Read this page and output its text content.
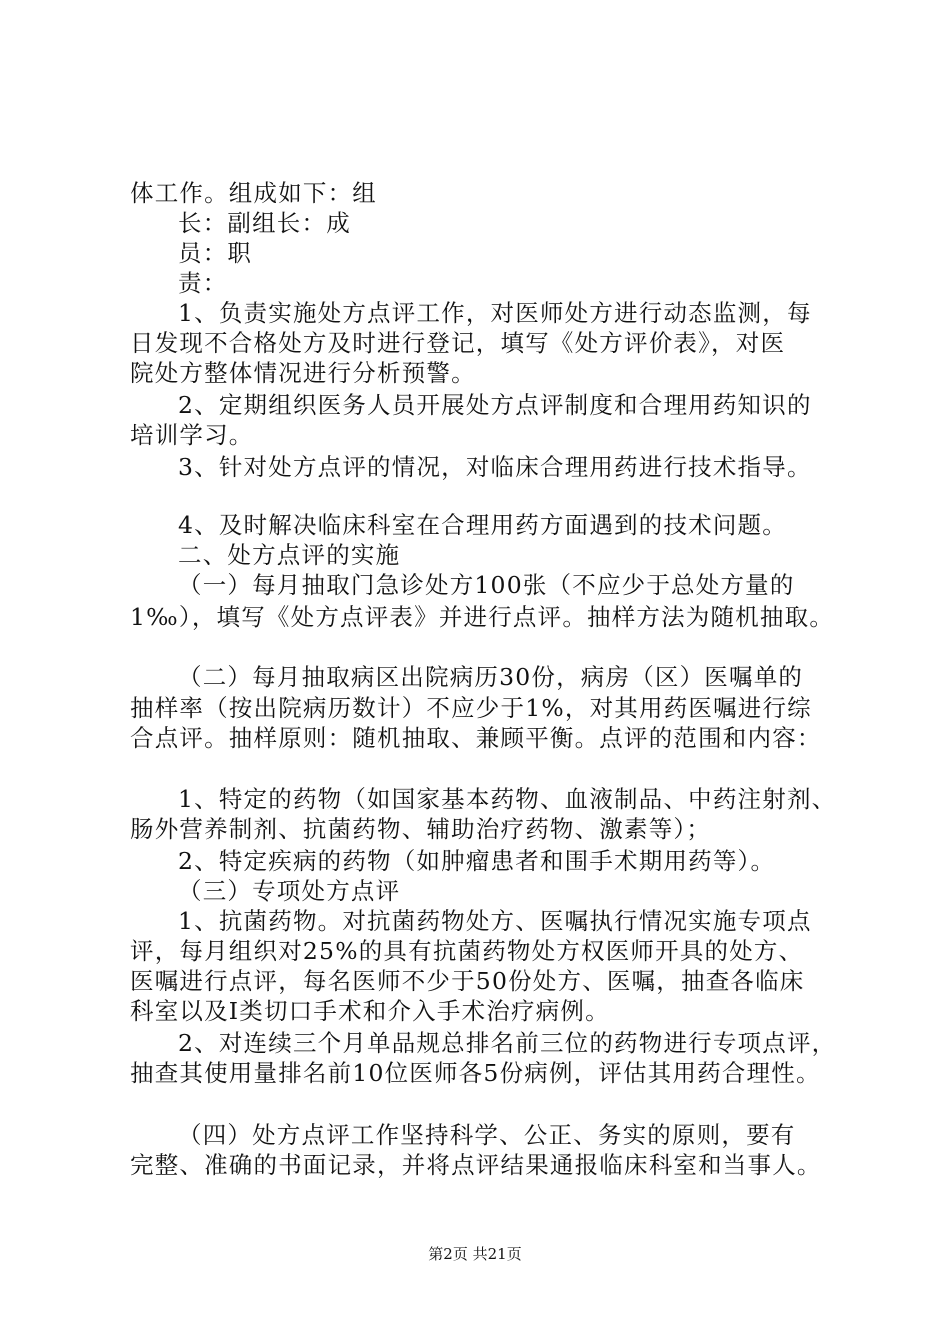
体工作。组成如下：组
长：副组长：成
员：职
责：
1、负责实施处方点评工作，对医师处方进行动态监测，每
日发现不合格处方及时进行登记，填写《处方评价表》，对医
院处方整体情况进行分析预警。
2、定期组织医务人员开展处方点评制度和合理用药知识的
培训学习。
3、针对处方点评的情况，对临床合理用药进行技术指导。
4、及时解决临床科室在合理用药方面遇到的技术问题。
二、处方点评的实施
（一）每月抽取门急诊处方100张（不应少于总处方量的
1‰），填写《处方点评表》并进行点评。抽样方法为随机抽取。
（二）每月抽取病区出院病历30份，病房（区）医嘱单的
抽样率（按出院病历数计）不应少于1%，对其用药医嘱进行综
合点评。抽样原则：随机抽取、兼顾平衡。点评的范围和内容：
1、特定的药物（如国家基本药物、血液制品、中药注射剂、
肠外营养制剂、抗菌药物、辅助治疗药物、激素等）；
2、特定疾病的药物（如肿瘤患者和围手术期用药等）。
（三）专项处方点评
1、抗菌药物。对抗菌药物处方、医嘱执行情况实施专项点
评，每月组织对25%的具有抗菌药物处方权医师开具的处方、
医嘱进行点评，每名医师不少于50份处方、医嘱，抽查各临床
科室以及Ⅰ类切口手术和介入手术治疗病例。
2、对连续三个月单品规总排名前三位的药物进行专项点评，
抽查其使用量排名前10位医师各5份病例，评估其用药合理性。
（四）处方点评工作坚持科学、公正、务实的原则，要有
完整、准确的书面记录，并将点评结果通报临床科室和当事人。
第2页 共21页
